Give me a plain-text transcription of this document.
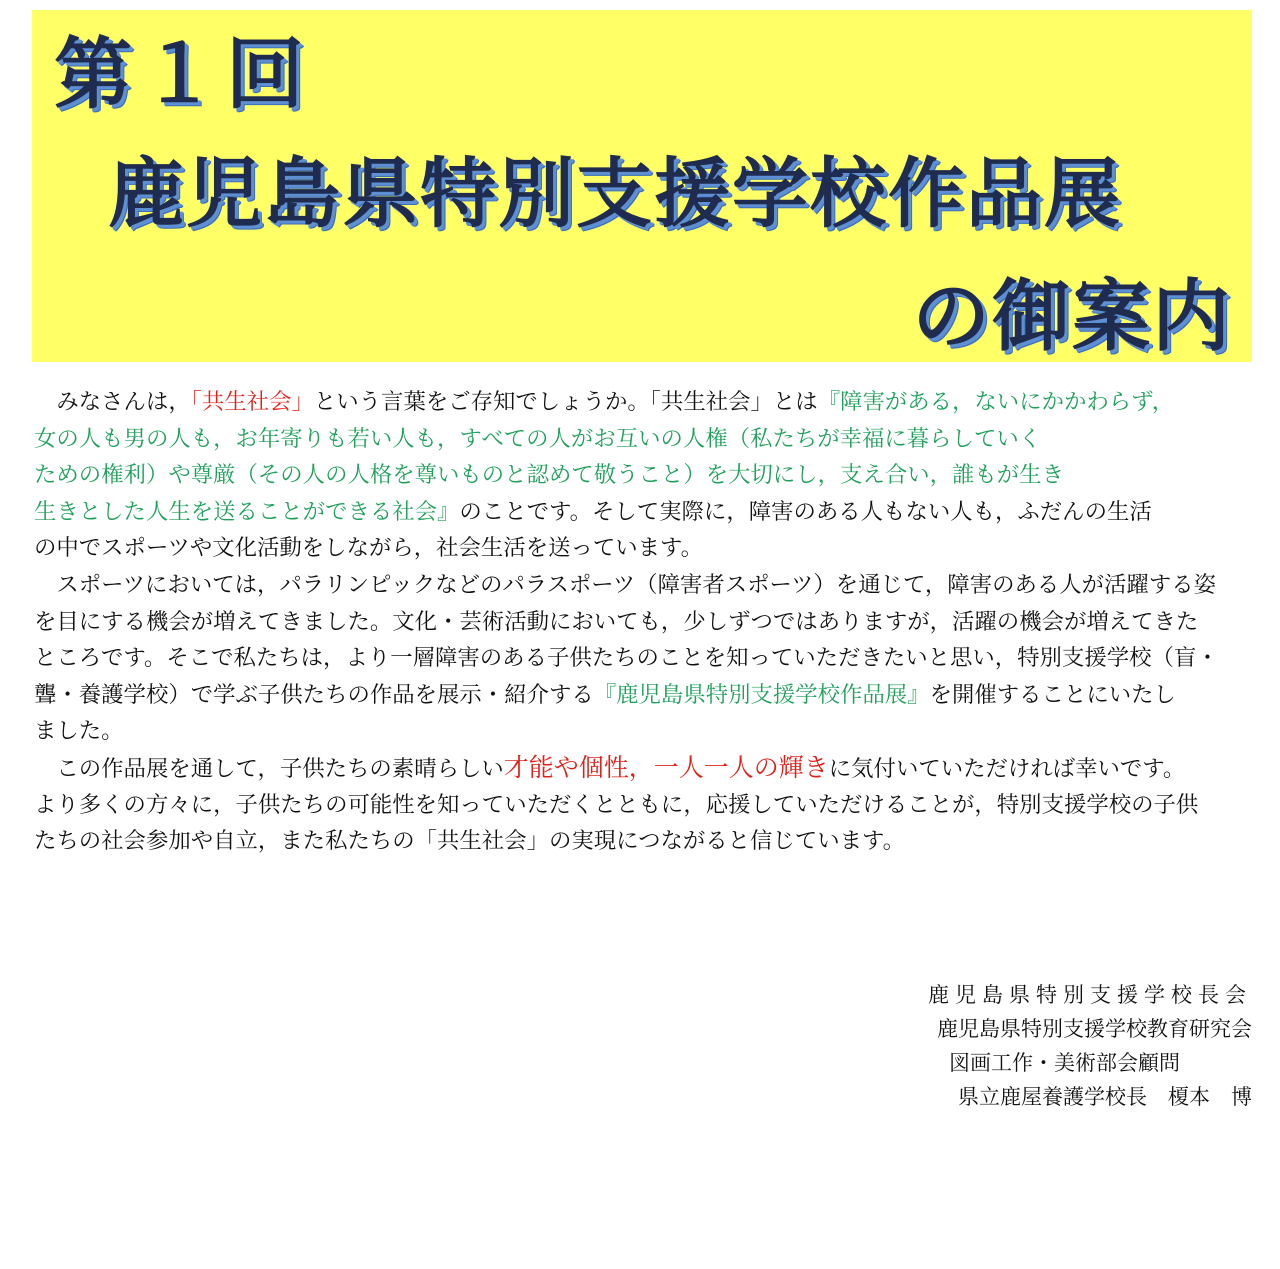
第１回
鹿児島県特別支援学校作品展
の御案内
　みなさんは，「共生社会」という言葉をご存知でしょうか。「共生社会」とは『障害がある，ないにかかわらず，
女の人も男の人も，お年寄りも若い人も，すべての人がお互いの人権（私たちが幸福に暮らしていく
ための権利）や尊厳（その人の人格を尊いものと認めて敬うこと）を大切にし，支え合い，誰もが生き
生きとした人生を送ることができる社会』のことです。そして実際に，障害のある人もない人も，ふだんの生活
の中でスポーツや文化活動をしながら，社会生活を送っています。
　スポーツにおいては，パラリンピックなどのパラスポーツ（障害者スポーツ）を通じて，障害のある人が活躍する姿
を目にする機会が増えてきました。文化・芸術活動においても，少しずつではありますが，活躍の機会が増えてきた
ところです。そこで私たちは，より一層障害のある子供たちのことを知っていただきたいと思い，特別支援学校（盲・
聾・養護学校）で学ぶ子供たちの作品を展示・紹介する『鹿児島県特別支援学校作品展』を開催することにいたし
ました。
　この作品展を通して，子供たちの素晴らしい才能や個性，一人一人の輝きに気付いていただければ幸いです。
より多くの方々に，子供たちの可能性を知っていただくとともに，応援していただけることが，特別支援学校の子供
たちの社会参加や自立，また私たちの「共生社会」の実現につながると信じています。
鹿児島県特別支援学校長会
鹿児島県特別支援学校教育研究会
図画工作・美術部会顧問
県立鹿屋養護学校長　榎本　博
